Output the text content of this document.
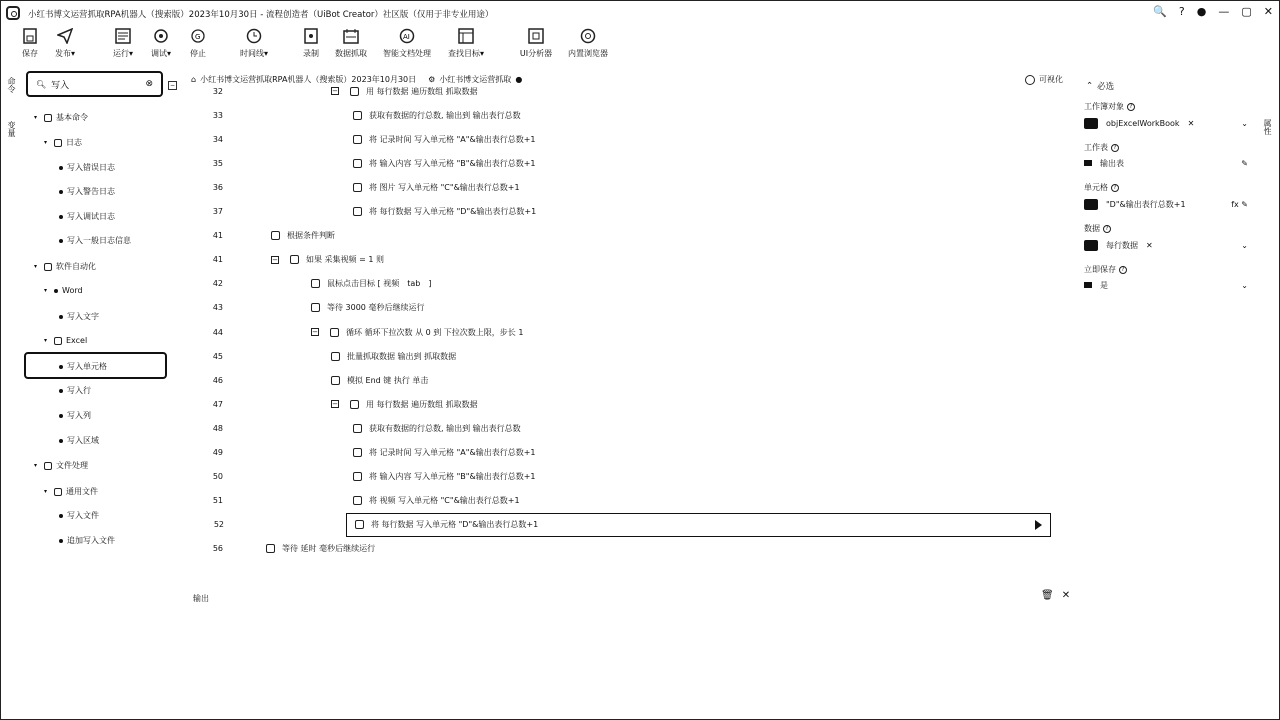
小红书博文运营抓取RPA机器人（搜索版）2023年10月30日 - 流程创造者（UiBot Creator）社区版（仅用于非专业用途）	🔍 ? ● — ▢ ✕
保存 发布▾	运行▾ 调试▾
G
停止	时间线▾	录制 数据抓取
AI
智能文档处理 查找目标▾	UI分析器 内置浏览器
命令
变量
🔍︎
写入	⊗	−
▾	基本命令
▾	日志
写入错误日志
写入警告日志
写入调试日志
写入一般日志信息
▾	软件自动化
▾	Word
写入文字
▾	Excel
写入单元格
写入行
写入列
写入区域
▾	文件处理
▾	通用文件
写入文件
追加写入文件
⌂ 小红书博文运营抓取RPA机器人（搜索版）2023年10月30日 ⚙ 小红书博文运营抓取 ●	可视化
32	−	用 每行数据 遍历数组 抓取数据
33	获取有数据的行总数, 输出到 输出表行总数
34	将 记录时间 写入单元格 "A"&输出表行总数+1
35	将 输入内容 写入单元格 "B"&输出表行总数+1
36	将 图片 写入单元格 "C"&输出表行总数+1
37	将 每行数据 写入单元格 "D"&输出表行总数+1
41	根据条件判断
41	−	如果 采集视频 = 1 则
42	鼠标点击目标 [ 视频　tab　]
43	等待 3000 毫秒后继续运行
44	−	循环 循环下拉次数 从 0 到 下拉次数上限，步长 1
45	批量抓取数据 输出到 抓取数据
46	模拟 End 键 执行 单击
47	−	用 每行数据 遍历数组 抓取数据
48	获取有数据的行总数, 输出到 输出表行总数
49	将 记录时间 写入单元格 "A"&输出表行总数+1
50	将 输入内容 写入单元格 "B"&输出表行总数+1
51	将 视频 写入单元格 "C"&输出表行总数+1
52	将 每行数据 写入单元格 "D"&输出表行总数+1
56	等待 延时 毫秒后继续运行
输出	🗑 ✕
属性
⌃ 必选
工作簿对象 ?
objExcelWorkBook ✕	⌄
工作表 ?
输出表	✎
单元格 ?
"D"&输出表行总数+1	fx ✎
数据 ?
每行数据 ✕	⌄
立即保存 ?
是	⌄
